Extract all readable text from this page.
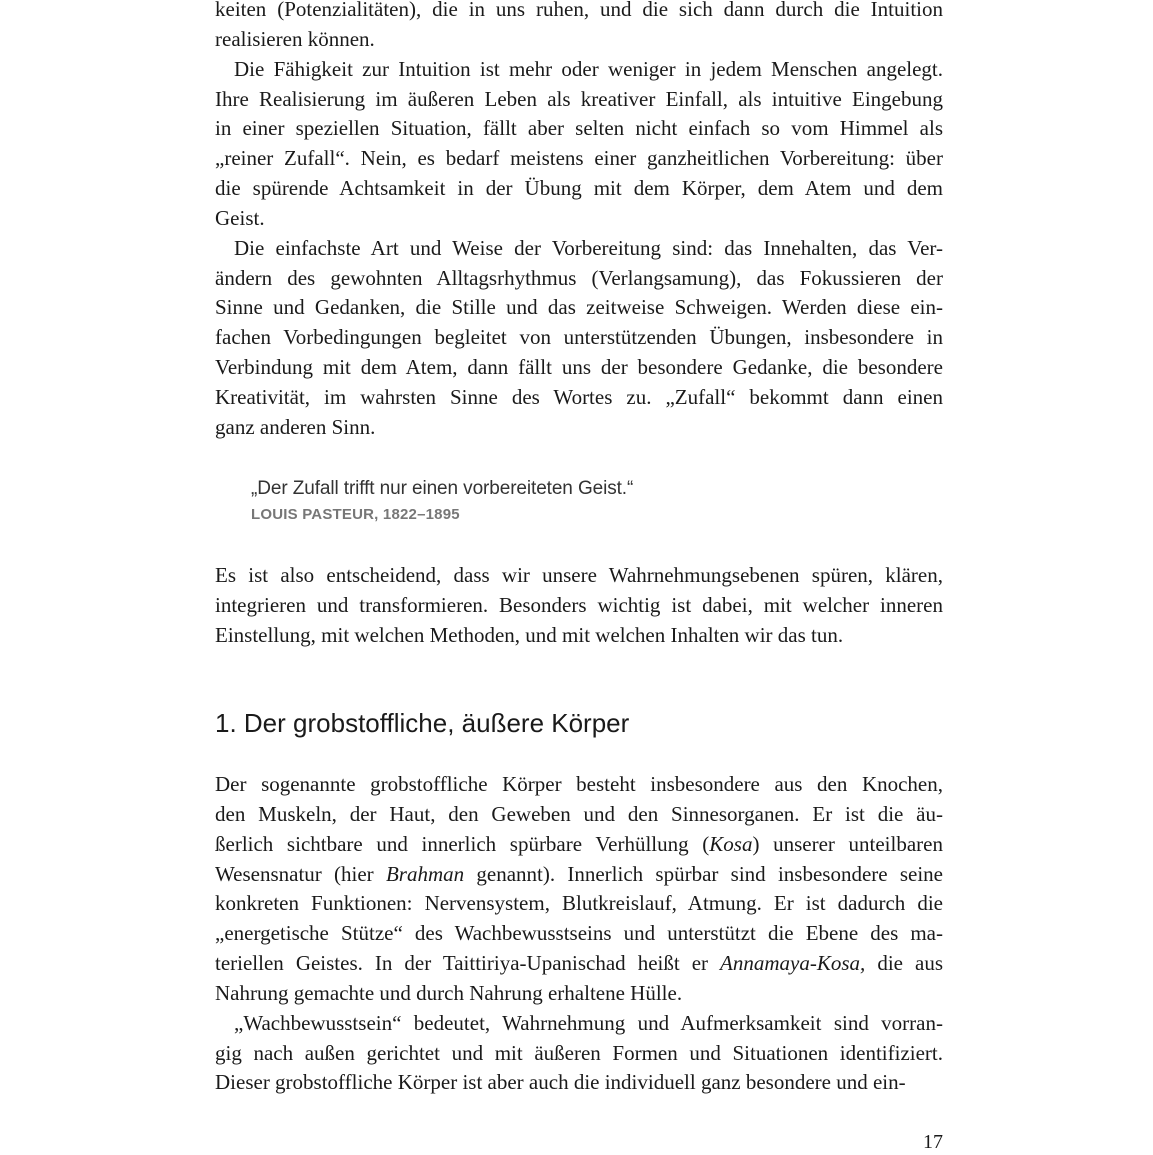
keiten (Potenzialitäten), die in uns ruhen, und die sich dann durch die Intuition
realisieren können.

Die Fähigkeit zur Intuition ist mehr oder weniger in jedem Menschen angelegt.
Ihre Realisierung im äußeren Leben als kreativer Einfall, als intuitive Eingebung
in einer speziellen Situation, fällt aber selten nicht einfach so vom Himmel als
„reiner Zufall“. Nein, es bedarf meistens einer ganzheitlichen Vorbereitung: über
die spürende Achtsamkeit in der Übung mit dem Körper, dem Atem und dem
Geist.

Die einfachste Art und Weise der Vorbereitung sind: das Innehalten, das Ver-
ändern des gewohnten Alltagsrhythmus (Verlangsamung), das Fokussieren der
Sinne und Gedanken, die Stille und das zeitweise Schweigen. Werden diese ein-
fachen Vorbedingungen begleitet von unterstützenden Übungen, insbesondere in
Verbindung mit dem Atem, dann fällt uns der besondere Gedanke, die besondere
Kreativität, im wahrsten Sinne des Wortes zu. „Zufall“ bekommt dann einen
ganz anderen Sinn.

„Der Zufall trifft nur einen vorbereiteten Geist.“
LOUIS PASTEUR, 1822–1895

Es ist also entscheidend, dass wir unsere Wahrnehmungsebenen spüren, klären,
integrieren und transformieren. Besonders wichtig ist dabei, mit welcher inneren
Einstellung, mit welchen Methoden, und mit welchen Inhalten wir das tun.

1. Der grobstoffliche, äußere Körper

Der sogenannte grobstoffliche Körper besteht insbesondere aus den Knochen,
den Muskeln, der Haut, den Geweben und den Sinnesorganen. Er ist die äu-
ßerlich sichtbare und innerlich spürbare Verhüllung (Kosa) unserer unteilbaren
Wesensnatur (hier Brahman genannt). Innerlich spürbar sind insbesondere seine
konkreten Funktionen: Nervensystem, Blutkreislauf, Atmung. Er ist dadurch die
„energetische Stütze“ des Wachbewusstseins und unterstützt die Ebene des ma-
teriellen Geistes. In der Taittiriya-Upanischad heißt er Annamaya-Kosa, die aus
Nahrung gemachte und durch Nahrung erhaltene Hülle.

„Wachbewusstsein“ bedeutet, Wahrnehmung und Aufmerksamkeit sind vorran-
gig nach außen gerichtet und mit äußeren Formen und Situationen identifiziert.
Dieser grobstoffliche Körper ist aber auch die individuell ganz besondere und ein-

17
